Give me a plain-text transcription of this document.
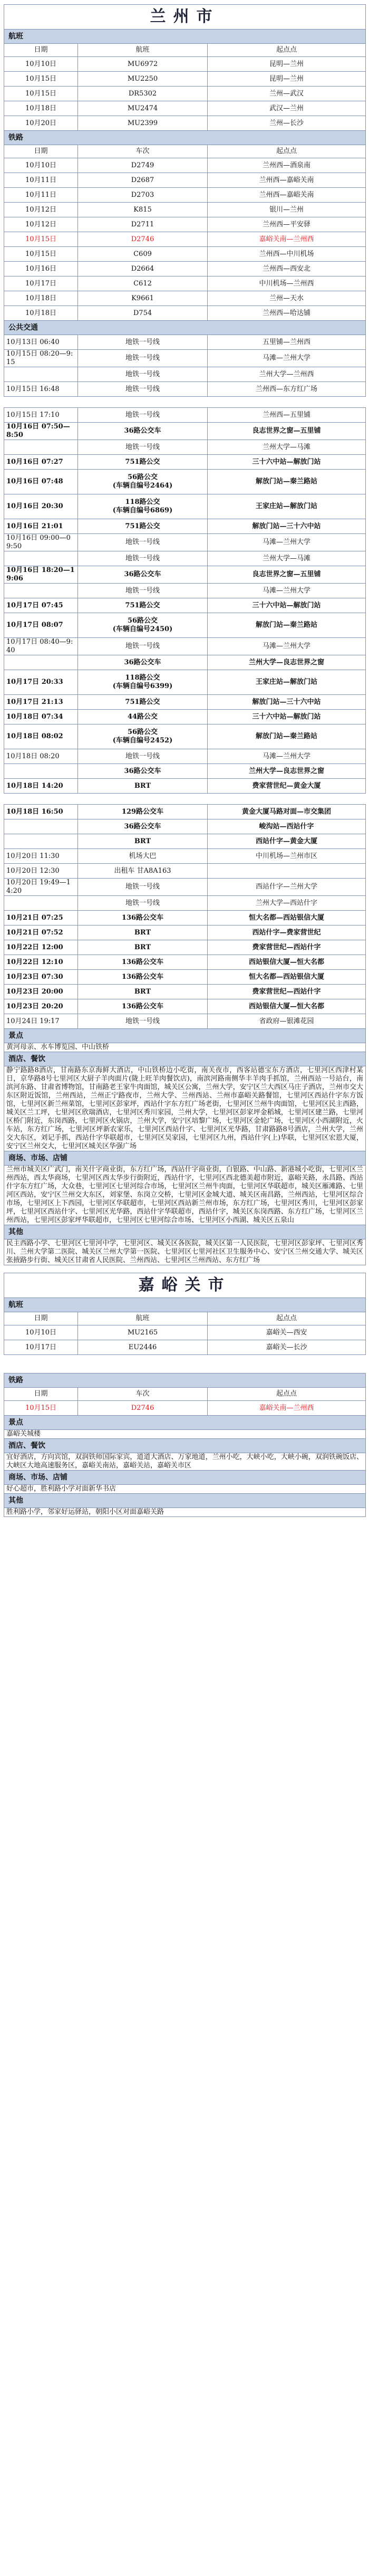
兰州市		
航班		
日期	航班	起点点
10月10日	MU6972	昆明—兰州
10月15日	MU2250	昆明—兰州
10月15日	DR5302	兰州—武汉
10月18日	MU2474	武汉—兰州
10月20日	MU2399	兰州—长沙
铁路		
日期	车次	起点点
10月10日	D2749	兰州西—酒泉南
10月11日	D2687	兰州西—嘉峪关南
10月11日	D2703	兰州西—嘉峪关南
10月12日	K815	银川—兰州
10月12日	D2711	兰州西—平安驿
10月15日	D2746	嘉峪关南—兰州西
10月15日	C609	兰州西—中川机场
10月16日	D2664	兰州西—西安北
10月17日	C612	中川机场—兰州西
10月18日	K9661	兰州—天水
10月18日	D754	兰州西—哈达铺
公共交通		
10月13日 06:40	地铁一号线	五里铺—兰州西
10月15日 08:20—9:15	地铁一号线	马滩—兰州大学
	地铁一号线	兰州大学—兰州西
10月15日 16:48	地铁一号线	兰州西—东方红广场

10月15日 17:10	地铁一号线	兰州西—五里铺
10月16日 07:50—8:50	36路公交车	良志世界之窗—五里铺
	地铁一号线	兰州大学—马滩
10月16日 07:27	751路公交	三十六中站—解放门站
10月16日 07:48	56路公交
(车辆自编号2464)	解放门站—秦兰路站
10月16日 20:30	118路公交
(车辆自编号6869)	王家庄站—解放门站
10月16日 21:01	751路公交	解放门站—三十六中站
10月16日 09:00—09:50	地铁一号线	马滩—兰州大学
	地铁一号线	兰州大学—马滩
10月16日 18:20—19:06	36路公交车	良志世界之窗—五里铺
	地铁一号线	马滩—兰州大学
10月17日 07:45	751路公交	三十六中站—解放门站
10月17日 08:07	56路公交
(车辆自编号2450)	解放门站—秦兰路站
10月17日 08:40—9:40	地铁一号线	马滩—兰州大学
	36路公交车	兰州大学—良志世界之窗
10月17日 20:33	118路公交
(车辆自编号6399)	王家庄站—解放门站
10月17日 21:13	751路公交	解放门站—三十六中站
10月18日 07:34	44路公交	三十六中站—解放门站
10月18日 08:02	56路公交
(车辆自编号2452)	解放门站—秦兰路站
10月18日 08:20	地铁一号线	马滩—兰州大学
	36路公交车	兰州大学—良志世界之窗
10月18日 14:20	BRT	费家营世纪—黄金大厦

10月18日 16:50	129路公交车	黄金大厦马路对面—市交集团
	36路公交车	峻沟站—西站什字
	BRT	西站什字—黄金大厦
10月20日 11:30	机场大巴	中川机场—兰州市区
10月20日 12:30	出租车 甘A8A163	
10月20日 19:49—14:20	地铁一号线	西站什字—兰州大学
	地铁一号线	兰州大学—西站什字
10月21日 07:25	136路公交车	恒大名都—西站银信大厦
10月21日 07:52	BRT	西站什字—费家营世纪
10月22日 12:00	BRT	费家营世纪—西站什字
10月22日 12:10	136路公交车	西站银信大厦—恒大名都
10月23日 07:30	136路公交车	恒大名都—西站银信大厦
10月23日 20:00	BRT	费家营世纪—西站什字
10月23日 20:20	136路公交车	西站银信大厦—恒大名都
10月24日 19:17	地铁一号线	省政府—银滩花园
景点		
黄河母亲、水车博览园、中山铁桥		
酒店、餐饮		
静宁路路8酒店，甘南路东京海鲜大酒店，中山铁桥边小吃街，南关夜市，西客站德宝东方酒店，七里河区西津村某日，京华路8号七里河区大厨子羊肉面片(陇上旺羊肉餐饮店)，南滨河路南侧华丰羊肉手抓馆，兰州西站一号站台，南滨河东路、甘肃省博物馆，甘南路老王家牛肉面馆，城关区公寓，兰州大学，安宁区兰大西区马庄子酒店，兰州市交大东区附近饭馆，兰州西站，兰州正宁路夜市，兰州大学、兰州西站、兰州市嘉峪关路餐馆，七里河区西站什字东方饭馆，七里河区新兰州菜馆，七里河区彭家坪，西站什字东方红广场老街，七里河区兰州牛肉面馆，七里河区民主西路，城关区兰工坪，七里河区欣瑞酒店，七里河区秀川家园，兰州大学，七里河区彭家坪金稻城，七里河区建兰路，七里河区桥门附近，东岗西路，七里河区火锅店，兰州大学，安宁区培黎广场，七里河区金轮广场，七里河区小西湖附近，火车站，东方红广场，七里河区坪新农家乐，七里河区西站什字、七里河区光华路，甘肃路路8号酒店，兰州大学，兰州交大东区，刘记手抓，西站什字华联超市，七里河区吴家园，七里河区九州，西站什字(上)华联，七里河区宏恩大厦，安宁区兰州交大，七里河区城关区华强广场		
商场、市场、店铺		
兰州市城关区广武门，南关什字商业街，东方红广场，西站什字商业街，白银路、中山路、新港城小吃街，七里河区兰州西站，西太华商场，七里河区西太华步行街附近，西站什字，七里河区西北德美超市附近，嘉峪关路，永昌路、西站什字东方红广场，大众巷，七里河区七里河综合市场，七里河区兰州牛肉面，七里河区华联超市，城关区雁滩路、七里河区西站，安宁区兰州交大东区，刘家堡、东岗立交桥，七里河区金城大道、城关区南昌路，兰州西站，七里河区综合市场，七里河区上下西园，七里河区华联超市，七里河区西站新兰州市场，东方红广场，七里河区秀川，七里河区彭家坪，七里河区西站什字、七里河区光华路，西站什字华联超市，西站什字，城关区东岗西路、东方红广场，七里河区兰州西站，七里河区彭家坪华联超市，七里河区七里河综合市场、七里河区小西湖、城关区五泉山		
其他		
民主西路小学、七里河区七里河中学，七里河区、城关区各医院，城关区第一人民医院，七里河区彭家坪、七里河区秀川、兰州大学第二医院、城关区兰州大学第一医院、七里河区七里河社区卫生服务中心、安宁区兰州交通大学、城关区张掖路步行街、城关区甘肃省人民医院、兰州西站、七里河区兰州西站、东方红广场		
嘉峪关市		
航班		
日期	航班	起点点
10月10日	MU2165	嘉峪关—西安
10月17日	EU2446	嘉峪关—长沙

铁路		
日期	车次	起点点
10月15日	D2746	嘉峪关南—兰州西
景点		
嘉峪关城楼		
酒店、餐饮		
宜好酒店，方向宾馆，双润铁师国际家宾，道道大酒店、万家地道，兰州小吃，大峡小吃，大峡小碗，双润铁碗饭店、大峡区大地高速服务区，嘉峪关南站，嘉峪关站，嘉峪关市区		
商场、市场、店铺		
好心超市，胜利路小学对面新华书店		
其他		
胜利路小学，邻家好运驿站，朝阳小区对面嘉峪关路		
